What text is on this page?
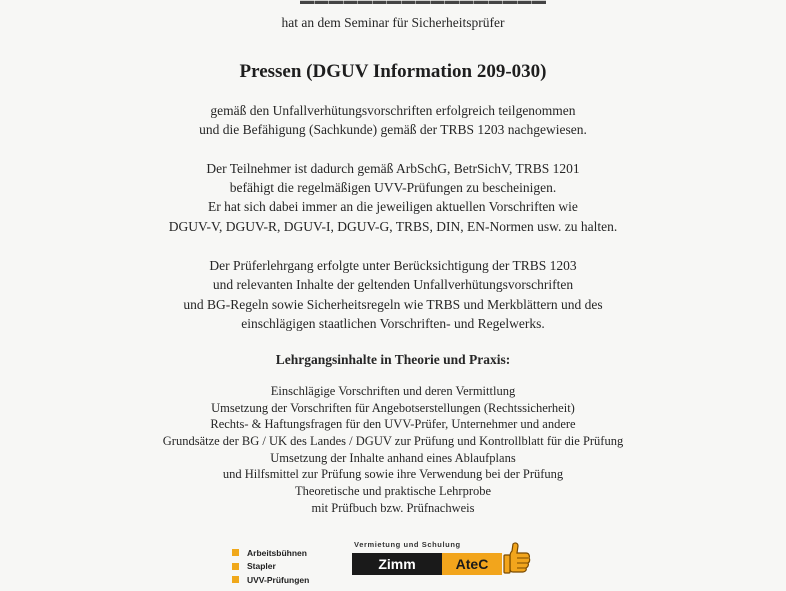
hat an dem Seminar für Sicherheitsprüfer
Pressen (DGUV Information 209-030)
gemäß den Unfallverhütungsvorschriften erfolgreich teilgenommen
und die Befähigung (Sachkunde) gemäß der TRBS 1203 nachgewiesen.
Der Teilnehmer ist dadurch gemäß ArbSchG, BetrSichV, TRBS 1201
befähigt die regelmäßigen UVV-Prüfungen zu bescheinigen.
Er hat sich dabei immer an die jeweiligen aktuellen Vorschriften wie
DGUV-V, DGUV-R, DGUV-I, DGUV-G, TRBS, DIN, EN-Normen usw. zu halten.
Der Prüferlehrgang erfolgte unter Berücksichtigung der TRBS 1203
und relevanten Inhalte der geltenden Unfallverhütungsvorschriften
und BG-Regeln sowie Sicherheitsregeln wie TRBS und Merkblättern und des
einschlägigen staatlichen Vorschriften- und Regelwerks.
Lehrgangsinhalte in Theorie und Praxis:
Einschlägige Vorschriften und deren Vermittlung
Umsetzung der Vorschriften für Angebotserstellungen (Rechtssicherheit)
Rechts- & Haftungsfragen für den UVV-Prüfer, Unternehmer und andere
Grundsätze der BG / UK des Landes / DGUV zur Prüfung und Kontrollblatt für die Prüfung
Umsetzung der Inhalte anhand eines Ablaufplans
und Hilfsmittel zur Prüfung sowie ihre Verwendung bei der Prüfung
Theoretische und praktische Lehrprobe
mit Prüfbuch bzw. Prüfnachweis
Arbeitsbühnen
Stapler
UVV-Prüfungen
Vermietung und Schulung
Zimm	AteC
